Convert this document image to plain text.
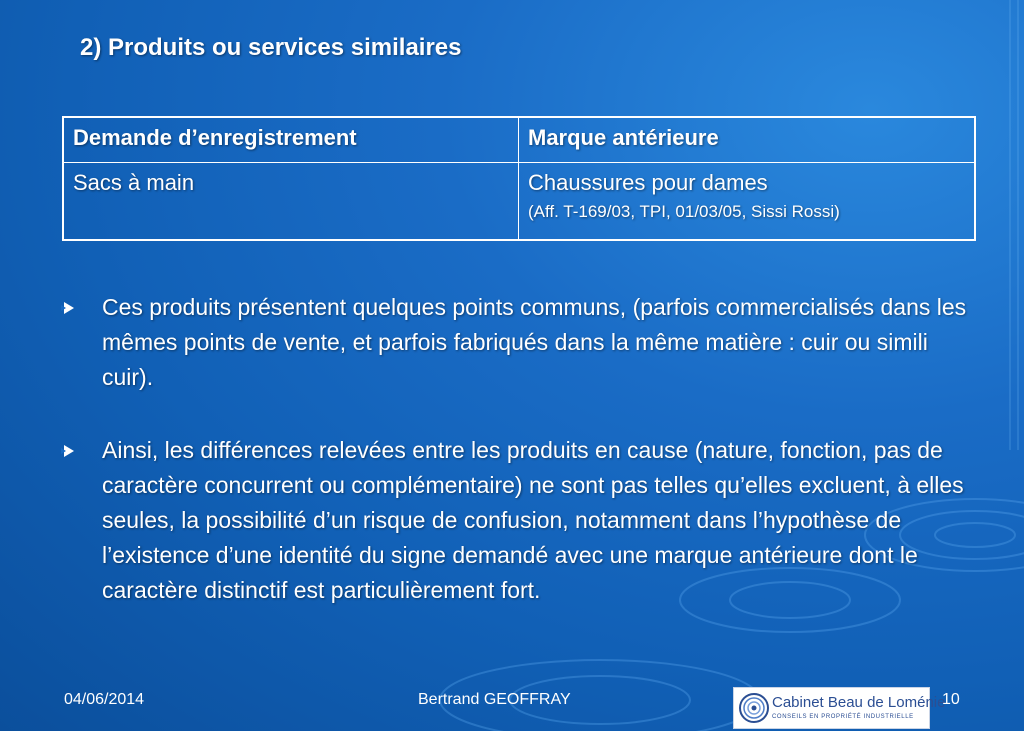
2) Produits ou services similaires
Demande d’enregistrement	Marque antérieure
Sacs à main	Chaussures pour dames
(Aff. T-169/03, TPI, 01/03/05, Sissi Rossi)
Ces produits présentent quelques points communs, (parfois commercialisés dans les mêmes points de vente, et parfois fabriqués dans la même matière : cuir ou simili cuir).
Ainsi, les différences relevées entre les produits en cause (nature, fonction, pas de caractère concurrent ou complémentaire) ne sont pas telles qu’elles excluent, à elles seules, la possibilité d’un risque de confusion, notamment dans l’hypothèse de l’existence d’une identité du signe demandé avec une marque antérieure dont le caractère distinctif est particulièrement fort.
04/06/2014	Bertrand GEOFFRAY	Cabinet Beau de Loménie
CONSEILS EN PROPRIÉTÉ INDUSTRIELLE
10
